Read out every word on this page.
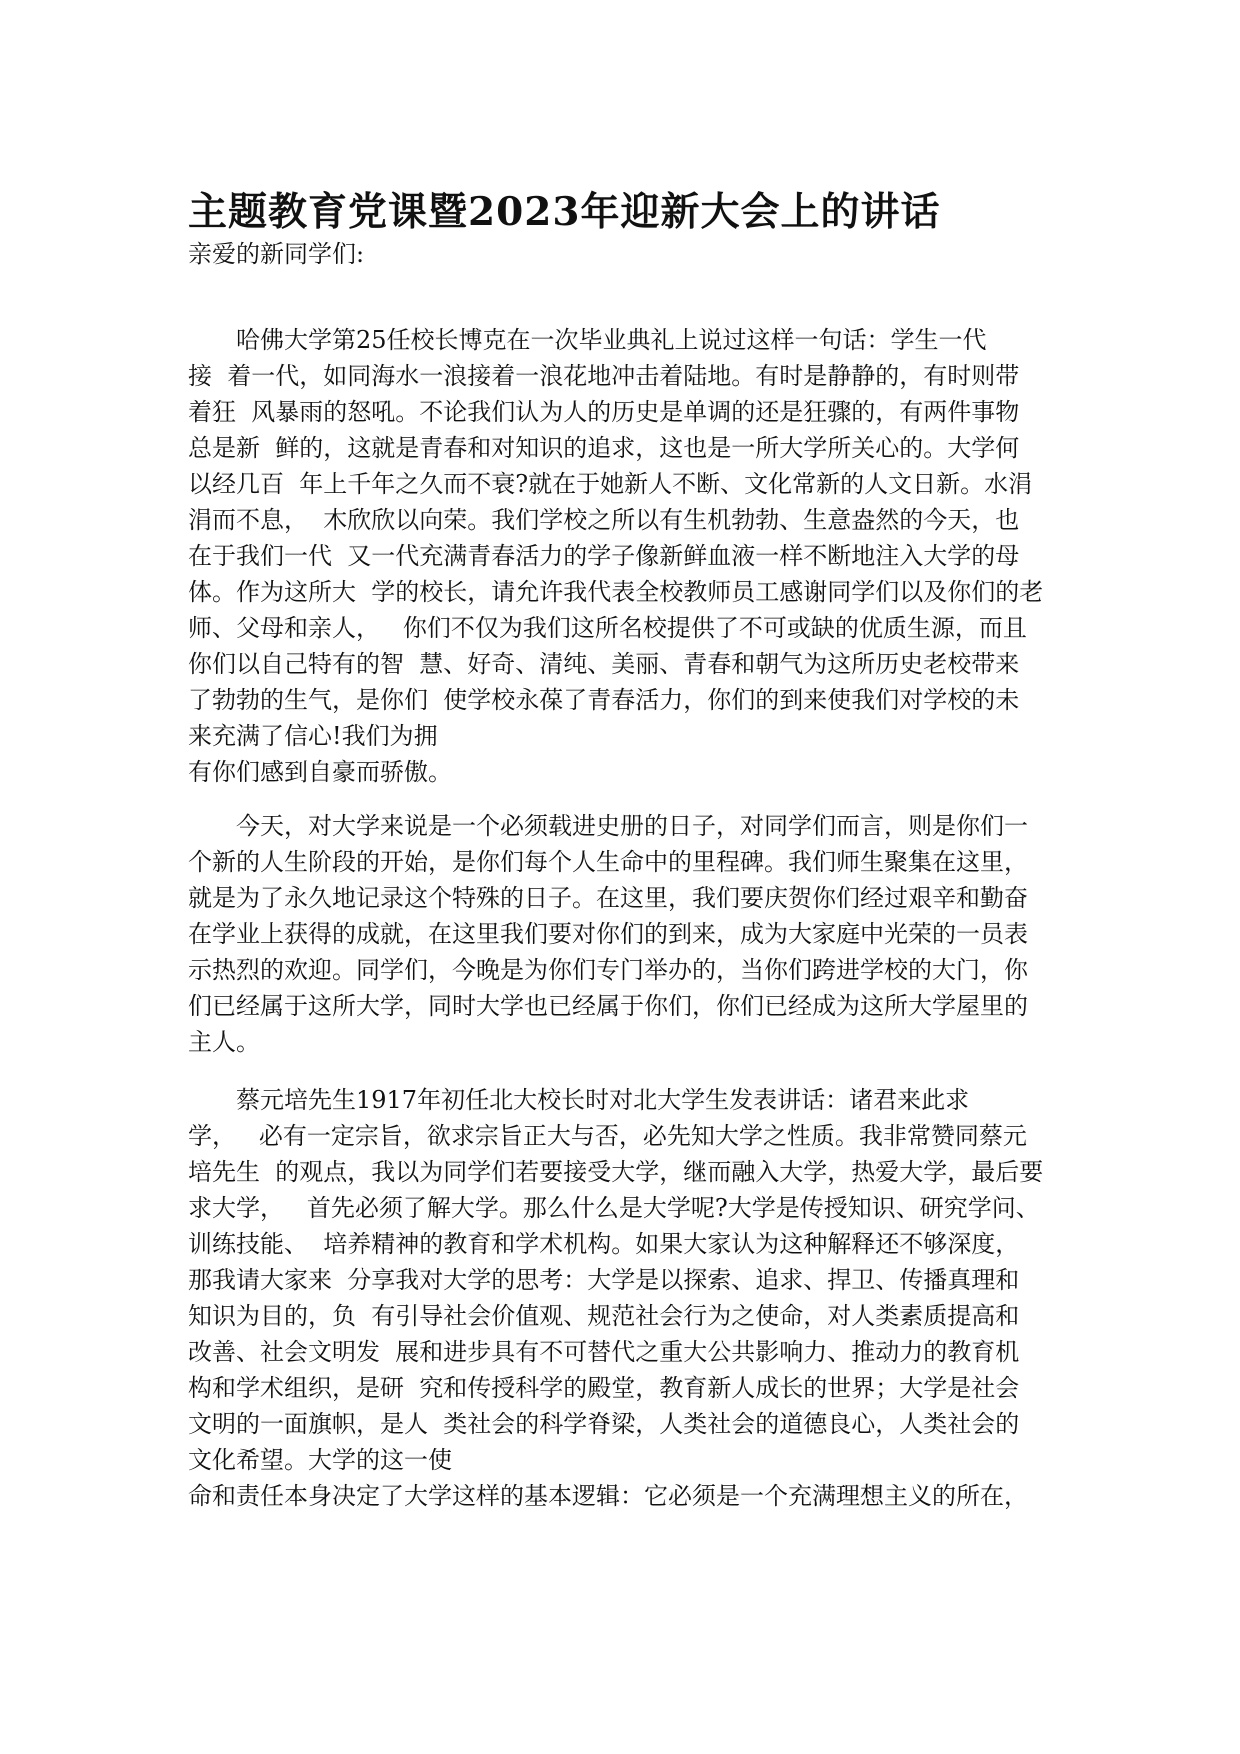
主题教育党课暨2023年迎新大会上的讲话
亲爱的新同学们:
哈佛大学第25任校长博克在一次毕业典礼上说过这样一句话：学生一代
接  着一代，如同海水一浪接着一浪花地冲击着陆地。有时是静静的，有时则带
着狂  风暴雨的怒吼。不论我们认为人的历史是单调的还是狂骤的，有两件事物
总是新  鲜的，这就是青春和对知识的追求，这也是一所大学所关心的。大学何
以经几百  年上千年之久而不衰?就在于她新人不断、文化常新的人文日新。水涓
涓而不息，  木欣欣以向荣。我们学校之所以有生机勃勃、生意盎然的今天，也
在于我们一代  又一代充满青春活力的学子像新鲜血液一样不断地注入大学的母
体。作为这所大  学的校长，请允许我代表全校教师员工感谢同学们以及你们的老
师、父母和亲人，   你们不仅为我们这所名校提供了不可或缺的优质生源，而且
你们以自己特有的智  慧、好奇、清纯、美丽、青春和朝气为这所历史老校带来
了勃勃的生气，是你们  使学校永葆了青春活力，你们的到来使我们对学校的未
来充满了信心!我们为拥
有你们感到自豪而骄傲。
今天，对大学来说是一个必须载进史册的日子，对同学们而言，则是你们一
个新的人生阶段的开始，是你们每个人生命中的里程碑。我们师生聚集在这里，
就是为了永久地记录这个特殊的日子。在这里，我们要庆贺你们经过艰辛和勤奋
在学业上获得的成就，在这里我们要对你们的到来，成为大家庭中光荣的一员表
示热烈的欢迎。同学们，今晚是为你们专门举办的，当你们跨进学校的大门，你
们已经属于这所大学，同时大学也已经属于你们，你们已经成为这所大学屋里的
主人。
蔡元培先生1917年初任北大校长时对北大学生发表讲话：诸君来此求
学，   必有一定宗旨，欲求宗旨正大与否，必先知大学之性质。我非常赞同蔡元
培先生  的观点，我以为同学们若要接受大学，继而融入大学，热爱大学，最后要
求大学，   首先必须了解大学。那么什么是大学呢?大学是传授知识、研究学问、
训练技能、  培养精神的教育和学术机构。如果大家认为这种解释还不够深度，
那我请大家来  分享我对大学的思考：大学是以探索、追求、捍卫、传播真理和
知识为目的，负  有引导社会价值观、规范社会行为之使命，对人类素质提高和
改善、社会文明发  展和进步具有不可替代之重大公共影响力、推动力的教育机
构和学术组织，是研  究和传授科学的殿堂，教育新人成长的世界；大学是社会
文明的一面旗帜，是人  类社会的科学脊梁，人类社会的道德良心，人类社会的
文化希望。大学的这一使
命和责任本身决定了大学这样的基本逻辑：它必须是一个充满理想主义的所在，
